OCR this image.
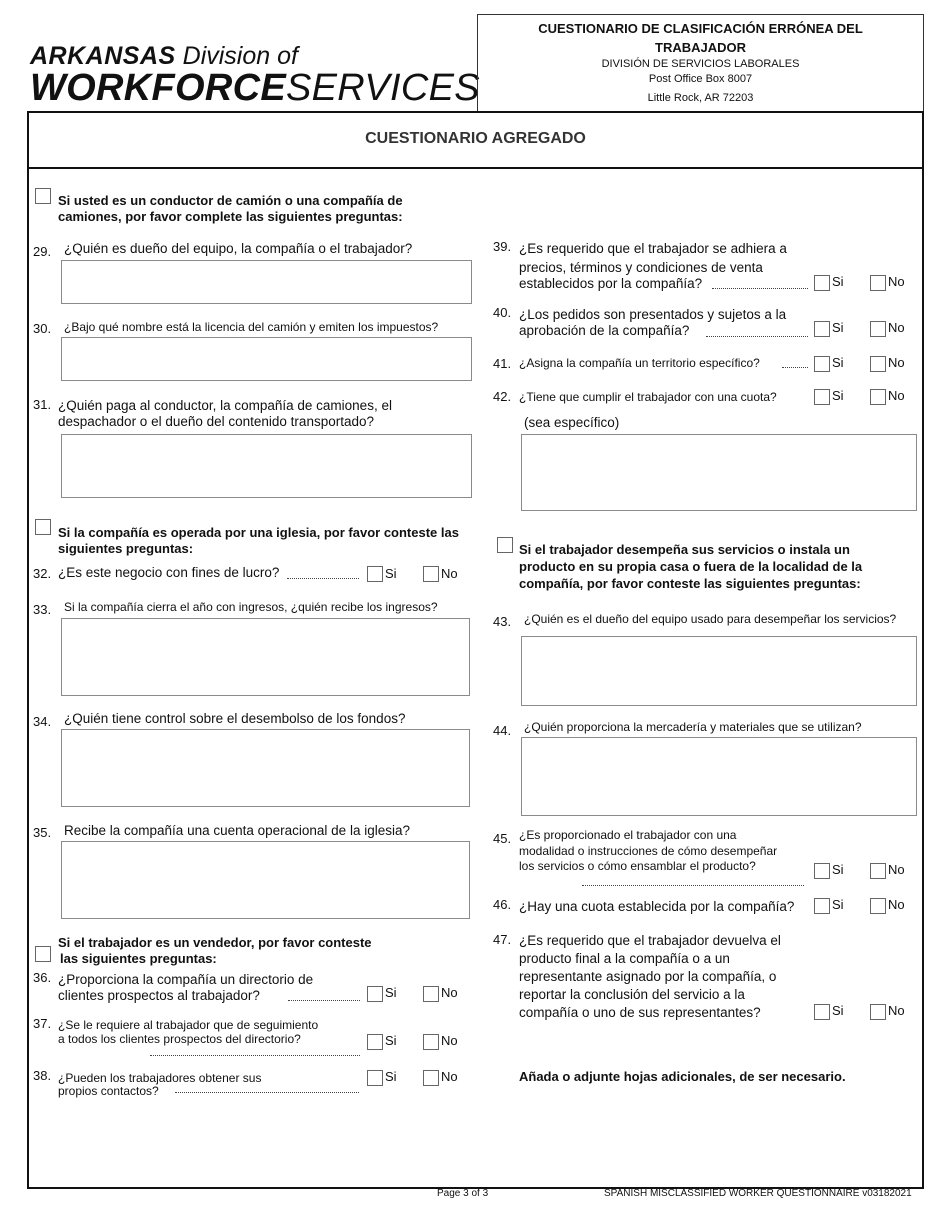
ARKANSAS Division of
WORKFORCESERVICES
CUESTIONARIO DE CLASIFICACIÓN ERRÓNEA DEL
TRABAJADOR
DIVISIÓN DE SERVICIOS LABORALES
Post Office Box 8007
Little Rock, AR 72203
CUESTIONARIO AGREGADO
Si usted es un conductor de camión o una compañía de
camiones, por favor complete las siguientes preguntas:
29. ¿Quién es dueño del equipo, la compañía o el trabajador?
30. ¿Bajo qué nombre está la licencia del camión y emiten los impuestos?
31. ¿Quién paga al conductor, la compañía de camiones, el
despachador o el dueño del contenido transportado?
Si la compañía es operada por una iglesia, por favor conteste las
siguientes preguntas:
32. ¿Es este negocio con fines de lucro?	Si	No
33. Si la compañía cierra el año con ingresos, ¿quién recibe los ingresos?
34. ¿Quién tiene control sobre el desembolso de los fondos?
35. Recibe la compañía una cuenta operacional de la iglesia?
Si el trabajador es un vendedor, por favor conteste
las siguientes preguntas:
36. ¿Proporciona la compañía un directorio de
clientes prospectos al trabajador?	Si	No
37. ¿Se le requiere al trabajador que de seguimiento
a todos los clientes prospectos del directorio?	Si	No
38. ¿Pueden los trabajadores obtener sus
propios contactos?
Si	No
39. ¿Es requerido que el trabajador se adhiera a
precios, términos y condiciones de venta
establecidos por la compañía?	Si	No
40. ¿Los pedidos son presentados y sujetos a la
aprobación de la compañía?	Si	No
41. ¿Asigna la compañía un territorio específico?	Si	No
42. ¿Tiene que cumplir el trabajador con una cuota?	Si	No
(sea específico)
Si el trabajador desempeña sus servicios o instala un
producto en su propia casa o fuera de la localidad de la
compañía, por favor conteste las siguientes preguntas:
43. ¿Quién es el dueño del equipo usado para desempeñar los servicios?
44. ¿Quién proporciona la mercadería y materiales que se utilizan?
45. ¿Es proporcionado el trabajador con una
modalidad o instrucciones de cómo desempeñar
los servicios o cómo ensamblar el producto?	Si	No
46. ¿Hay una cuota establecida por la compañía?	Si	No
47. ¿Es requerido que el trabajador devuelva el
producto final a la compañía o a un
representante asignado por la compañía, o
reportar la conclusión del servicio a la
compañía o uno de sus representantes?	Si	No
Añada o adjunte hojas adicionales, de ser necesario.
Page 3 of 3	SPANISH MISCLASSIFIED WORKER QUESTIONNAIRE v03182021
